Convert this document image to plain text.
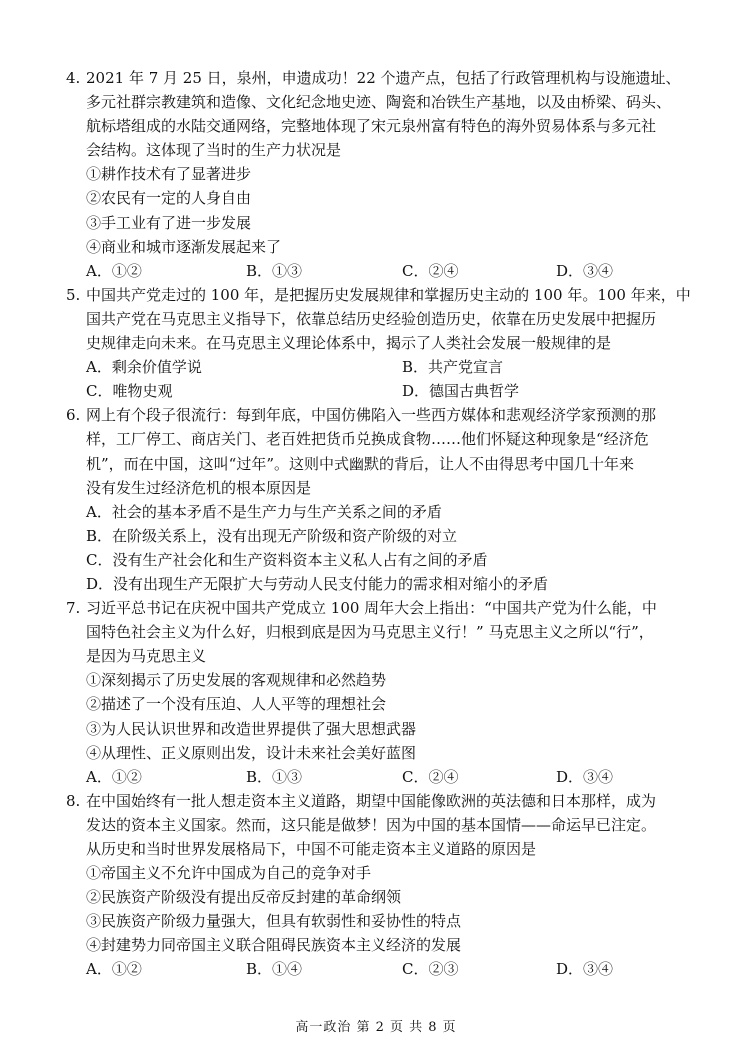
4. 2021 年 7 月 25 日，泉州，申遗成功！22 个遗产点，包括了行政管理机构与设施遗址、
多元社群宗教建筑和造像、文化纪念地史迹、陶瓷和冶铁生产基地，以及由桥梁、码头、
航标塔组成的水陆交通网络，完整地体现了宋元泉州富有特色的海外贸易体系与多元社
会结构。这体现了当时的生产力状况是
①耕作技术有了显著进步
②农民有一定的人身自由
③手工业有了进一步发展
④商业和城市逐渐发展起来了
A．①②	B．①③	C．②④	D．③④
5. 中国共产党走过的 100 年，是把握历史发展规律和掌握历史主动的 100 年。100 年来，中
国共产党在马克思主义指导下，依靠总结历史经验创造历史，依靠在历史发展中把握历
史规律走向未来。在马克思主义理论体系中，揭示了人类社会发展一般规律的是
A．剩余价值学说	B．共产党宣言
C．唯物史观	D．德国古典哲学
6. 网上有个段子很流行：每到年底，中国仿佛陷入一些西方媒体和悲观经济学家预测的那
样，工厂停工、商店关门、老百姓把货币兑换成食物……他们怀疑这种现象是“经济危
机”，而在中国，这叫“过年”。这则中式幽默的背后，让人不由得思考中国几十年来
没有发生过经济危机的根本原因是
A．社会的基本矛盾不是生产力与生产关系之间的矛盾
B．在阶级关系上，没有出现无产阶级和资产阶级的对立
C．没有生产社会化和生产资料资本主义私人占有之间的矛盾
D．没有出现生产无限扩大与劳动人民支付能力的需求相对缩小的矛盾
7. 习近平总书记在庆祝中国共产党成立 100 周年大会上指出：“中国共产党为什么能，中
国特色社会主义为什么好，归根到底是因为马克思主义行！” 马克思主义之所以“行”，
是因为马克思主义
①深刻揭示了历史发展的客观规律和必然趋势
②描述了一个没有压迫、人人平等的理想社会
③为人民认识世界和改造世界提供了强大思想武器
④从理性、正义原则出发，设计未来社会美好蓝图
A．①②	B．①③	C．②④	D．③④
8. 在中国始终有一批人想走资本主义道路，期望中国能像欧洲的英法德和日本那样，成为
发达的资本主义国家。然而，这只能是做梦！因为中国的基本国情——命运早已注定。
从历史和当时世界发展格局下，中国不可能走资本主义道路的原因是
①帝国主义不允许中国成为自己的竞争对手
②民族资产阶级没有提出反帝反封建的革命纲领
③民族资产阶级力量强大，但具有软弱性和妥协性的特点
④封建势力同帝国主义联合阻碍民族资本主义经济的发展
A．①②	B．①④	C．②③	D．③④
高一政治 第 2 页 共 8 页
